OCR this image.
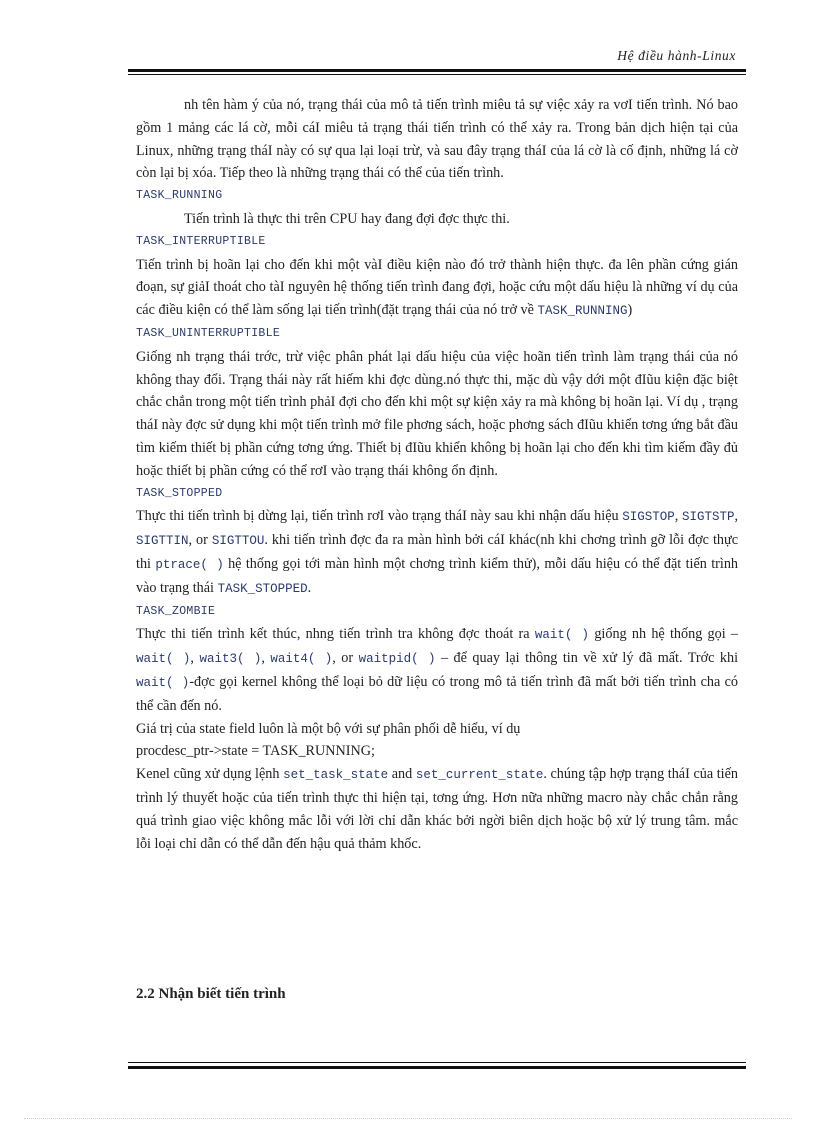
Hệ điều hành-Linux

nh tên hàm ý của nó, trạng thái của mô tả tiến trình miêu tả sự việc xảy ra vơI tiến trình. Nó bao gồm 1 mảng các lá cờ, mỗi cáI miêu tả trạng thái tiến trình có thể xảy ra. Trong bản dịch hiện tại của Linux, những trạng tháI này có sự qua lại loại trừ, và sau đây trạng tháI của lá cờ là cố định, những lá cờ còn lại bị xóa. Tiếp theo là những trạng thái có thể của tiến trình.

TASK_RUNNING

Tiến trình là thực thi trên CPU hay đang đợi đợc thực thi.

TASK_INTERRUPTIBLE

Tiến trình bị hoãn lại cho đến khi một vàI điều kiện nào đó trở thành hiện thực. đa lên phần cứng gián đoạn, sự giảI thoát cho tàI nguyên hệ thống tiến trình đang đợi, hoặc cứu một dấu hiệu là những ví dụ của các điều kiện có thể làm sống lại tiến trình(đặt trạng thái của nó trở về TASK_RUNNING)

TASK_UNINTERRUPTIBLE

Giống nh trạng thái trớc, trừ việc phân phát lại dấu hiệu của việc hoãn tiến trình làm trạng thái của nó không thay đổi. Trạng thái này rất hiếm khi đợc dùng.nó thực thi, mặc dù vậy dới một đIũu kiện đặc biệt chắc chắn trong một tiến trình phảI đợi cho đến khi một sự kiện xảy ra mà không bị hoãn lại. Ví dụ , trạng tháI này đợc sử dụng khi một tiến trình mở file phơng sách, hoặc phơng sách đIũu khiển tơng ứng bắt đầu tìm kiếm thiết bị phần cứng tơng ứng. Thiết bị đIũu khiển không bị hoãn lại cho đến khi tìm kiếm đầy đủ hoặc thiết bị phần cứng có thể rơI vào trạng thái không ổn định.

TASK_STOPPED

Thực thi tiến trình bị dừng lại, tiến trình rơI vào trạng tháI này sau khi nhận dấu hiệu SIGSTOP, SIGTSTP, SIGTTIN, or SIGTTOU. khi tiến trình đợc đa ra màn hình bởi cáI khác(nh khi chơng trình gỡ lỗi đợc thực thi ptrace( ) hệ thống gọi tới màn hình một chơng trình kiểm thử), mỗi dấu hiệu có thể đặt tiến trình vào trạng thái TASK_STOPPED.

TASK_ZOMBIE

Thực thi tiến trình kết thúc, nhng tiến trình tra không đợc thoát ra wait( ) giống nh hệ thống gọi – wait( ), wait3( ), wait4( ), or waitpid( ) – để quay lại thông tin về xử lý đã mất. Trớc khi wait( )-đợc gọi kernel không thể loại bỏ dữ liệu có trong mô tả tiến trình đã mất bởi tiến trình cha có thể cần đến nó.

Giá trị của state field luôn là một bộ với sự phân phối dễ hiểu, ví dụ

procdesc_ptr->state = TASK_RUNNING;

Kenel cũng xử dụng lệnh set_task_state and set_current_state. chúng tập hợp trạng tháI của tiến trình lý thuyết hoặc của tiến trình thực thi hiện tại, tơng ứng. Hơn nữa những macro này chắc chắn rằng quá trình giao việc không mắc lỗi với lời chỉ dẫn khác bởi ngời biên dịch hoặc bộ xử lý trung tâm. mắc lỗi loại chỉ dẫn có thể dẫn đến hậu quả thảm khốc.

2.2 Nhận biết tiến trình
